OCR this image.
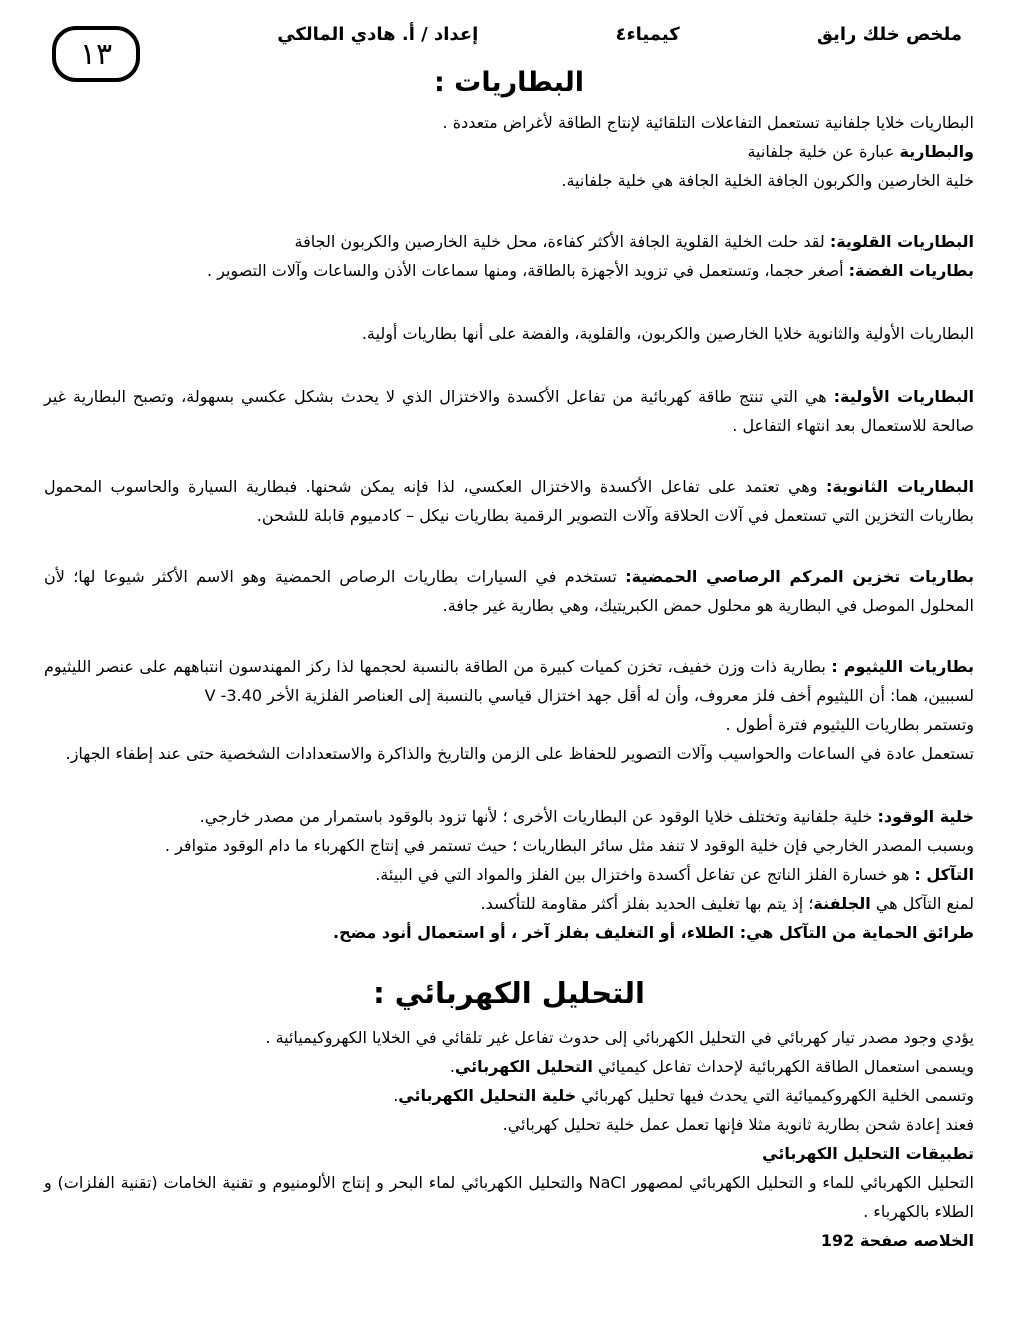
ملخص خلك رايق
كيمياء٤
إعداد / أ. هادي المالكي
١٣
البطاريات :
البطاريات خلايا جلفانية تستعمل التفاعلات التلقائية لإنتاج الطاقة لأغراض متعددة .
والبطارية عبارة عن خلية جلفانية
خلية الخارصين والكربون الجافة الخلية الجافة هي خلية جلفانية.
البطاريات القلوية: لقد حلت الخلية القلوية الجافة الأكثر كفاءة، محل خلية الخارصين والكربون الجافة
بطاريات الفضة: أصغر حجما، وتستعمل في تزويد الأجهزة بالطاقة، ومنها سماعات الأذن والساعات وآلات التصوير .
البطاريات الأولية والثانوية خلايا الخارصين والكربون، والقلوية، والفضة على أنها بطاريات أولية.
البطاريات الأولية: هي التي تنتج طاقة كهربائية من تفاعل الأكسدة والاختزال الذي لا يحدث بشكل عكسي بسهولة، وتصبح البطارية غير صالحة للاستعمال بعد انتهاء التفاعل .
البطاريات الثانوية: وهي تعتمد على تفاعل الأكسدة والاختزال العكسي، لذا فإنه يمكن شحنها. فبطارية السيارة والحاسوب المحمول بطاريات التخزين التي تستعمل في آلات الحلاقة وآلات التصوير الرقمية بطاريات نيكل – كادميوم قابلة للشحن.
بطاريات تخزين المركم الرصاصي الحمضية: تستخدم في السيارات بطاريات الرصاص الحمضية وهو الاسم الأكثر شيوعا لها؛ لأن المحلول الموصل في البطارية هو محلول حمض الكبريتيك، وهي بطارية غير جافة.
بطاريات الليثيوم : بطارية ذات وزن خفيف، تخزن كميات كبيرة من الطاقة بالنسبة لحجمها لذا ركز المهندسون انتباههم على عنصر الليثيوم لسببين، هما: أن الليثيوم أخف فلز معروف، وأن له أقل جهد اختزال قياسي بالنسبة إلى العناصر الفلزية الأخر V -3.40
وتستمر بطاريات الليثيوم فترة أطول .
تستعمل عادة في الساعات والحواسيب وآلات التصوير للحفاظ على الزمن والتاريخ والذاكرة والاستعدادات الشخصية حتى عند إطفاء الجهاز.
خلية الوقود: خلية جلفانية وتختلف خلايا الوقود عن البطاريات الأخرى ؛ لأنها تزود بالوقود باستمرار من مصدر خارجي.
وبسبب المصدر الخارجي فإن خلية الوقود لا تنفد مثل سائر البطاريات ؛ حيث تستمر في إنتاج الكهرباء ما دام الوقود متوافر .
التآكل : هو خسارة الفلز الناتج عن تفاعل أكسدة واختزال بين الفلز والمواد التي في البيئة.
لمنع التآكل هي الجلفنة؛ إذ يتم بها تغليف الحديد بفلز أكثر مقاومة للتأكسد.
طرائق الحماية من التآكل هي: الطلاء، أو التغليف بفلز آخر ، أو استعمال أنود مضح.
التحليل الكهربائي :
يؤدي وجود مصدر تيار كهربائي في التحليل الكهربائي إلى حدوث تفاعل غير تلقائي في الخلايا الكهروكيميائية .
ويسمى استعمال الطاقة الكهربائية لإحداث تفاعل كيميائي التحليل الكهربائي.
وتسمى الخلية الكهروكيميائية التي يحدث فيها تحليل كهربائي خلية التحليل الكهربائي.
فعند إعادة شحن بطارية ثانوية مثلا فإنها تعمل عمل خلية تحليل كهربائي.
تطبيقات التحليل الكهربائي
التحليل الكهربائي للماء و التحليل الكهربائي لمصهور NaCl والتحليل الكهربائي لماء البحر و إنتاج الألومنيوم و تقنية الخامات (تقنية الفلزات) و الطلاء بالكهرباء .
الخلاصه صفحة 192
